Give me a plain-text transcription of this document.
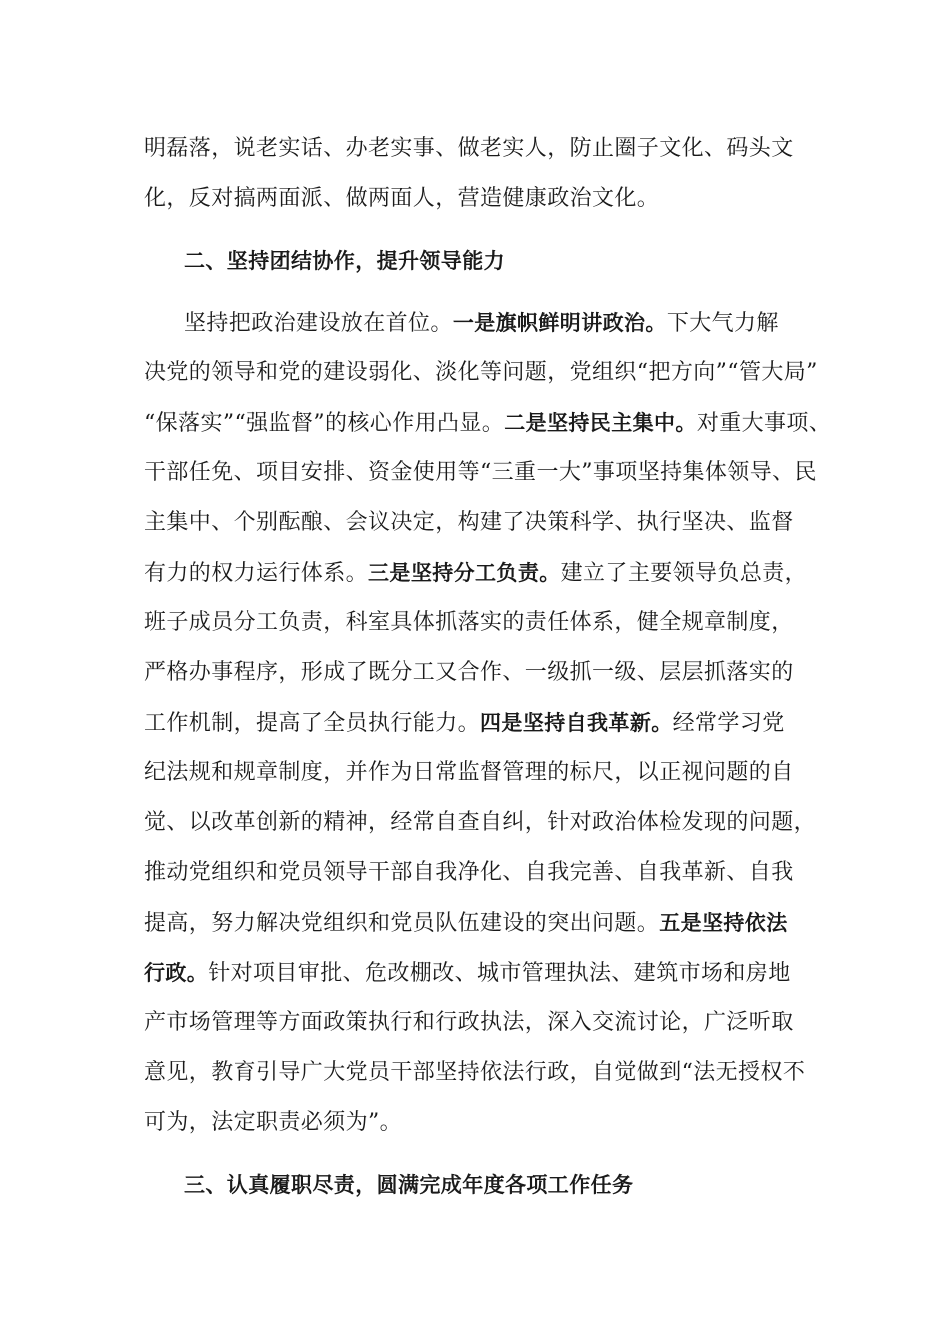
明磊落，说老实话、办老实事、做老实人，防止圈子文化、码头文
化，反对搞两面派、做两面人，营造健康政治文化。
二、坚持团结协作，提升领导能力
坚持把政治建设放在首位。一是旗帜鲜明讲政治。下大气力解
决党的领导和党的建设弱化、淡化等问题，党组织“把方向”“管大局”
“保落实”“强监督”的核心作用凸显。二是坚持民主集中。对重大事项、
干部任免、项目安排、资金使用等“三重一大”事项坚持集体领导、民
主集中、个别酝酿、会议决定，构建了决策科学、执行坚决、监督
有力的权力运行体系。三是坚持分工负责。建立了主要领导负总责，
班子成员分工负责，科室具体抓落实的责任体系，健全规章制度，
严格办事程序，形成了既分工又合作、一级抓一级、层层抓落实的
工作机制，提高了全员执行能力。四是坚持自我革新。经常学习党
纪法规和规章制度，并作为日常监督管理的标尺，以正视问题的自
觉、以改革创新的精神，经常自查自纠，针对政治体检发现的问题，
推动党组织和党员领导干部自我净化、自我完善、自我革新、自我
提高，努力解决党组织和党员队伍建设的突出问题。五是坚持依法
行政。针对项目审批、危改棚改、城市管理执法、建筑市场和房地
产市场管理等方面政策执行和行政执法，深入交流讨论，广泛听取
意见，教育引导广大党员干部坚持依法行政，自觉做到“法无授权不
可为，法定职责必须为”。
三、认真履职尽责，圆满完成年度各项工作任务
